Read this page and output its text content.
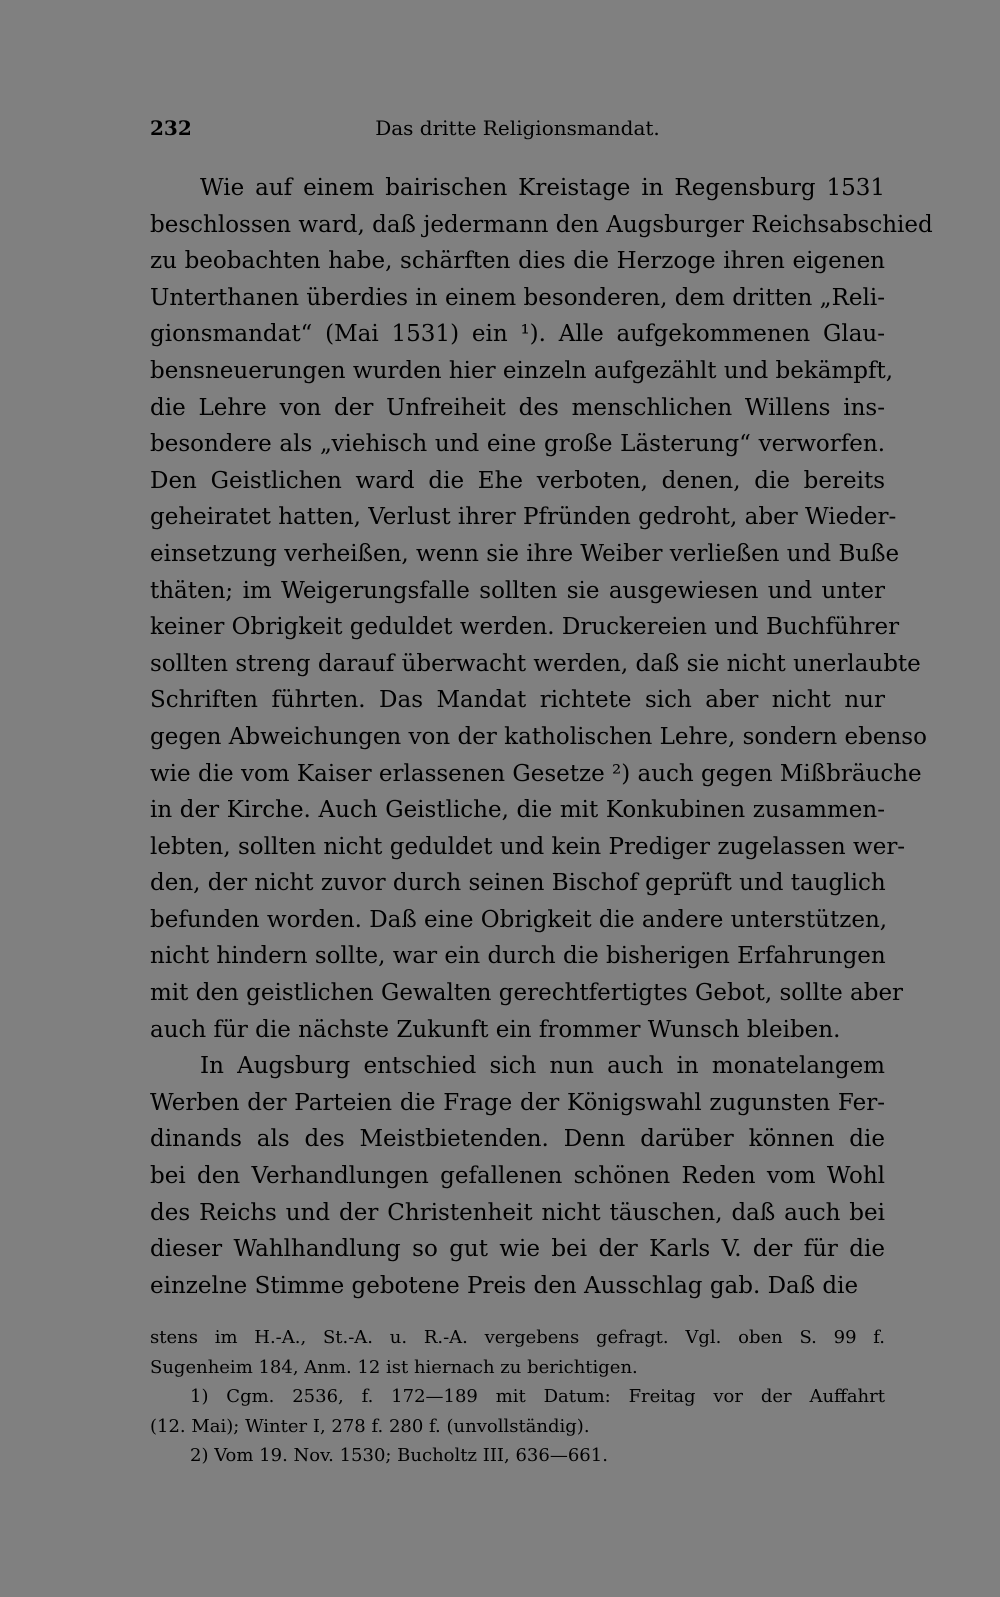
232	Das dritte Religionsmandat.
Wie auf einem bairischen Kreistage in Regensburg 1531
beschlossen ward, daß jedermann den Augsburger Reichsabschied
zu beobachten habe, schärften dies die Herzoge ihren eigenen
Unterthanen überdies in einem besonderen, dem dritten „Reli-
gionsmandat“ (Mai 1531) ein ¹). Alle aufgekommenen Glau-
bensneuerungen wurden hier einzeln aufgezählt und bekämpft,
die Lehre von der Unfreiheit des menschlichen Willens ins-
besondere als „viehisch und eine große Lästerung“ verworfen.
Den Geistlichen ward die Ehe verboten, denen, die bereits
geheiratet hatten, Verlust ihrer Pfründen gedroht, aber Wieder-
einsetzung verheißen, wenn sie ihre Weiber verließen und Buße
thäten; im Weigerungsfalle sollten sie ausgewiesen und unter
keiner Obrigkeit geduldet werden. Druckereien und Buchführer
sollten streng darauf überwacht werden, daß sie nicht unerlaubte
Schriften führten. Das Mandat richtete sich aber nicht nur
gegen Abweichungen von der katholischen Lehre, sondern ebenso
wie die vom Kaiser erlassenen Gesetze ²) auch gegen Mißbräuche
in der Kirche. Auch Geistliche, die mit Konkubinen zusammen-
lebten, sollten nicht geduldet und kein Prediger zugelassen wer-
den, der nicht zuvor durch seinen Bischof geprüft und tauglich
befunden worden. Daß eine Obrigkeit die andere unterstützen,
nicht hindern sollte, war ein durch die bisherigen Erfahrungen
mit den geistlichen Gewalten gerechtfertigtes Gebot, sollte aber
auch für die nächste Zukunft ein frommer Wunsch bleiben.
In Augsburg entschied sich nun auch in monatelangem
Werben der Parteien die Frage der Königswahl zugunsten Fer-
dinands als des Meistbietenden. Denn darüber können die
bei den Verhandlungen gefallenen schönen Reden vom Wohl
des Reichs und der Christenheit nicht täuschen, daß auch bei
dieser Wahlhandlung so gut wie bei der Karls V. der für die
einzelne Stimme gebotene Preis den Ausschlag gab. Daß die
stens im H.-A., St.-A. u. R.-A. vergebens gefragt. Vgl. oben S. 99 f.
Sugenheim 184, Anm. 12 ist hiernach zu berichtigen.
1) Cgm. 2536, f. 172—189 mit Datum: Freitag vor der Auffahrt
(12. Mai); Winter I, 278 f. 280 f. (unvollständig).
2) Vom 19. Nov. 1530; Bucholtz III, 636—661.
